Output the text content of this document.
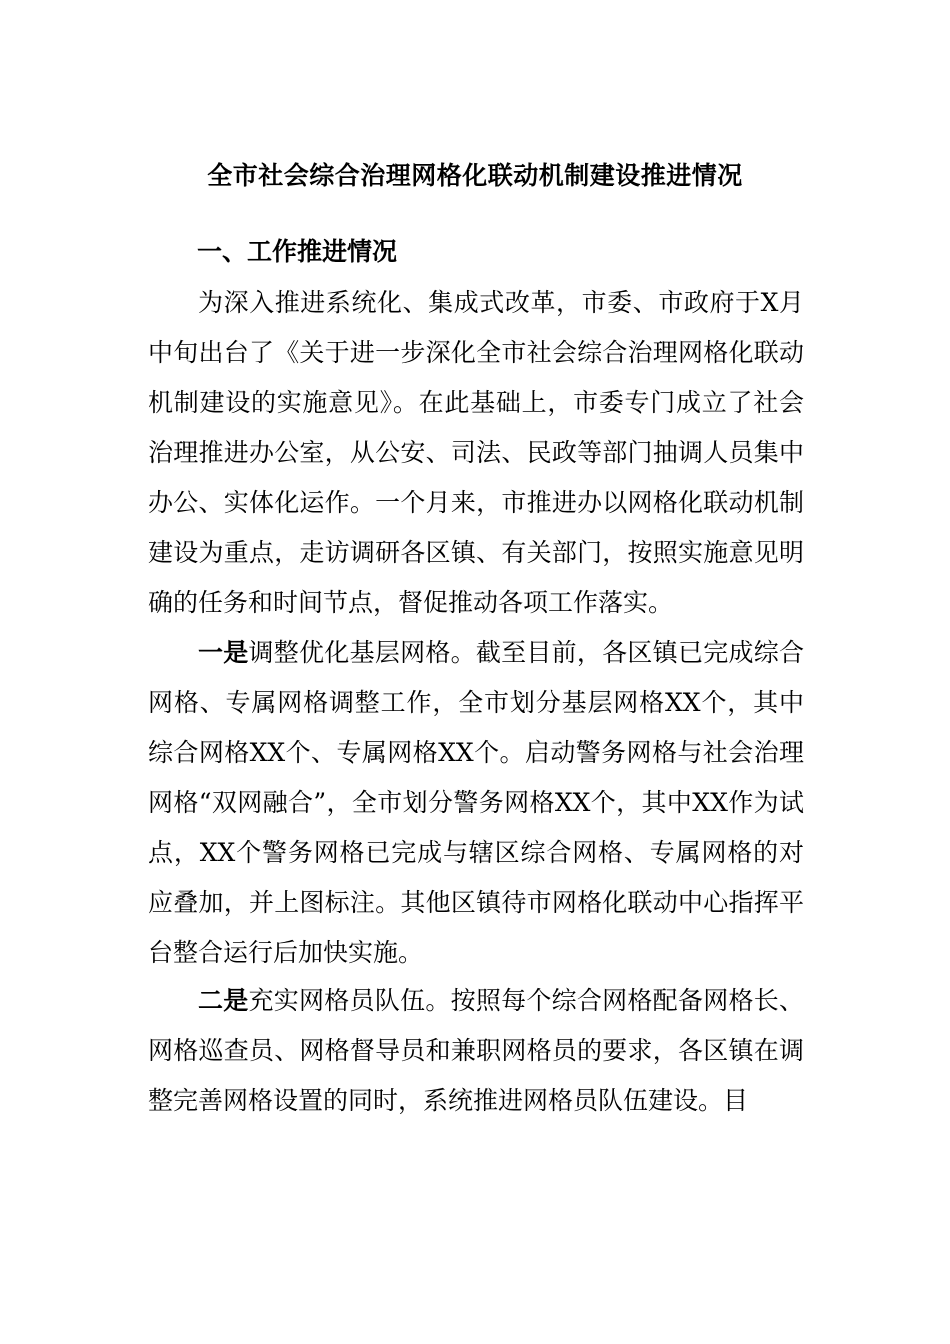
全市社会综合治理网格化联动机制建设推进情况
一、工作推进情况

为深入推进系统化、集成式改革，市委、市政府于X月中旬出台了《关于进一步深化全市社会综合治理网格化联动机制建设的实施意见》。在此基础上，市委专门成立了社会治理推进办公室，从公安、司法、民政等部门抽调人员集中办公、实体化运作。一个月来，市推进办以网格化联动机制建设为重点，走访调研各区镇、有关部门，按照实施意见明确的任务和时间节点，督促推动各项工作落实。

一是调整优化基层网格。截至目前，各区镇已完成综合网格、专属网格调整工作，全市划分基层网格XX个，其中综合网格XX个、专属网格XX个。启动警务网格与社会治理网格“双网融合”，全市划分警务网格XX个，其中XX作为试点，XX个警务网格已完成与辖区综合网格、专属网格的对应叠加，并上图标注。其他区镇待市网格化联动中心指挥平台整合运行后加快实施。

二是充实网格员队伍。按照每个综合网格配备网格长、网格巡查员、网格督导员和兼职网格员的要求，各区镇在调整完善网格设置的同时，系统推进网格员队伍建设。目
